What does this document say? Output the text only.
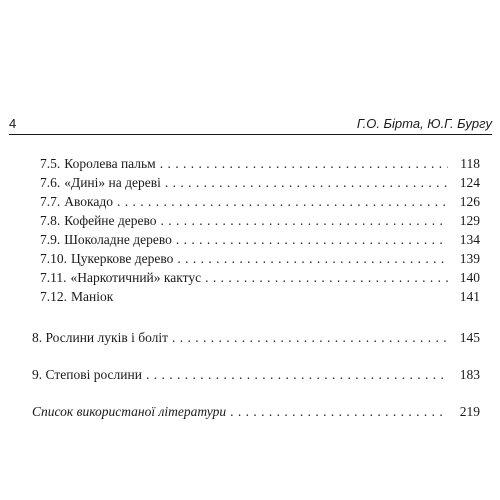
4	Г.О. Бірта, Ю.Г. Бургу
7.5. Королева пальм . . .	118
7.6. «Дині» на дереві . . .	124
7.7. Авокадо . . .	126
7.8. Кофейне дерево . . .	129
7.9. Шоколадне дерево . . .	134
7.10. Цукеркове дерево . . .	139
7.11. «Наркотичний» кактус . . .	140
7.12. Маніок	141
8. Рослини луків і боліт . . .	145
9. Степові рослини . . .	183
Список використаної літератури . . .	219
